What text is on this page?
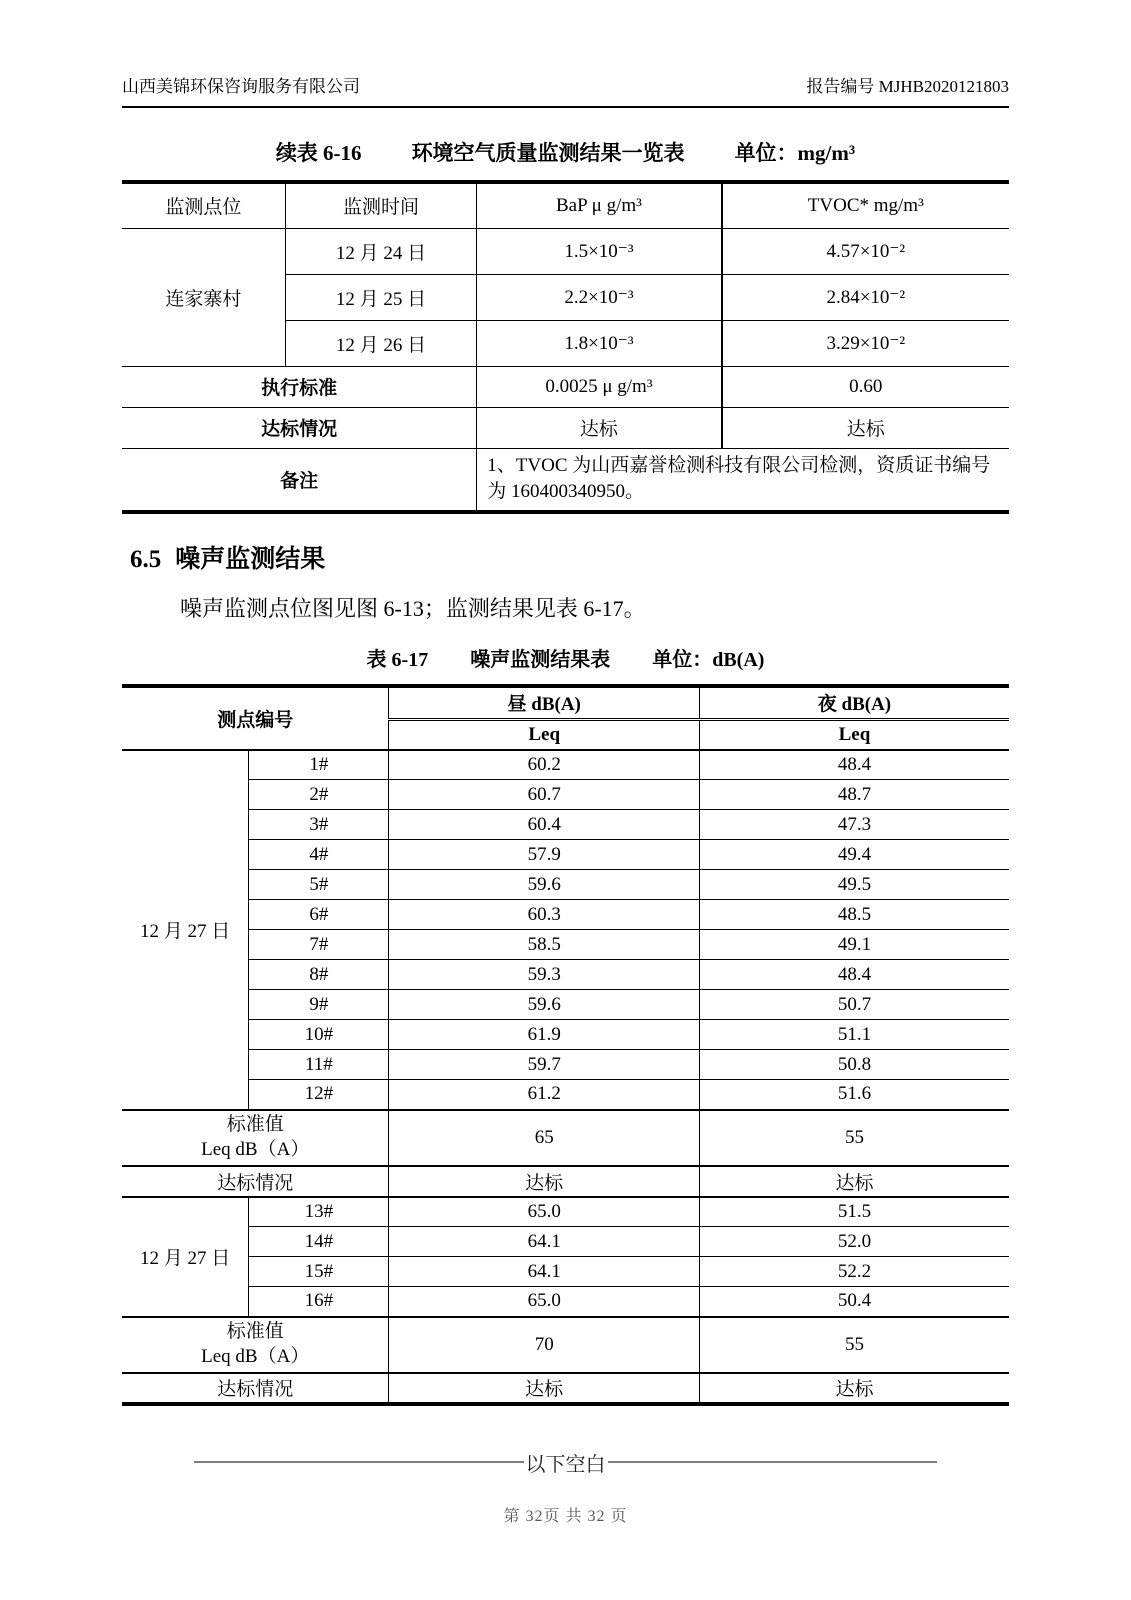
山西美锦环保咨询服务有限公司	报告编号 MJHB2020121803
续表 6-16 环境空气质量监测结果一览表 单位：mg/m³
监测点位	监测时间	BaP μ g/m³	TVOC* mg/m³
连家寨村	12 月 24 日	1.5×10⁻³	4.57×10⁻²
	12 月 25 日	2.2×10⁻³	2.84×10⁻²
	12 月 26 日	1.8×10⁻³	3.29×10⁻²
执行标准		0.0025 μ g/m³	0.60
达标情况		达标	达标
备注		1、TVOC 为山西嘉誉检测科技有限公司检测，资质证书编号为 160400340950。	
6.5 噪声监测结果
噪声监测点位图见图 6-13；监测结果见表 6-17。
表 6-17 噪声监测结果表 单位：dB(A)
测点编号		昼 dB(A)	夜 dB(A)
		Leq	Leq
12 月 27 日	1#	60.2	48.4
	2#	60.7	48.7
	3#	60.4	47.3
	4#	57.9	49.4
	5#	59.6	49.5
	6#	60.3	48.5
	7#	58.5	49.1
	8#	59.3	48.4
	9#	59.6	50.7
	10#	61.9	51.1
	11#	59.7	50.8
	12#	61.2	51.6

标准值
Leq dB（A）		65	55
达标情况		达标	达标
12 月 27 日	13#	65.0	51.5
	14#	64.1	52.0
	15#	64.1	52.2
	16#	65.0	50.4

标准值
Leq dB（A）		70	55
达标情况		达标	达标
以下空白
第 32页 共 32 页
